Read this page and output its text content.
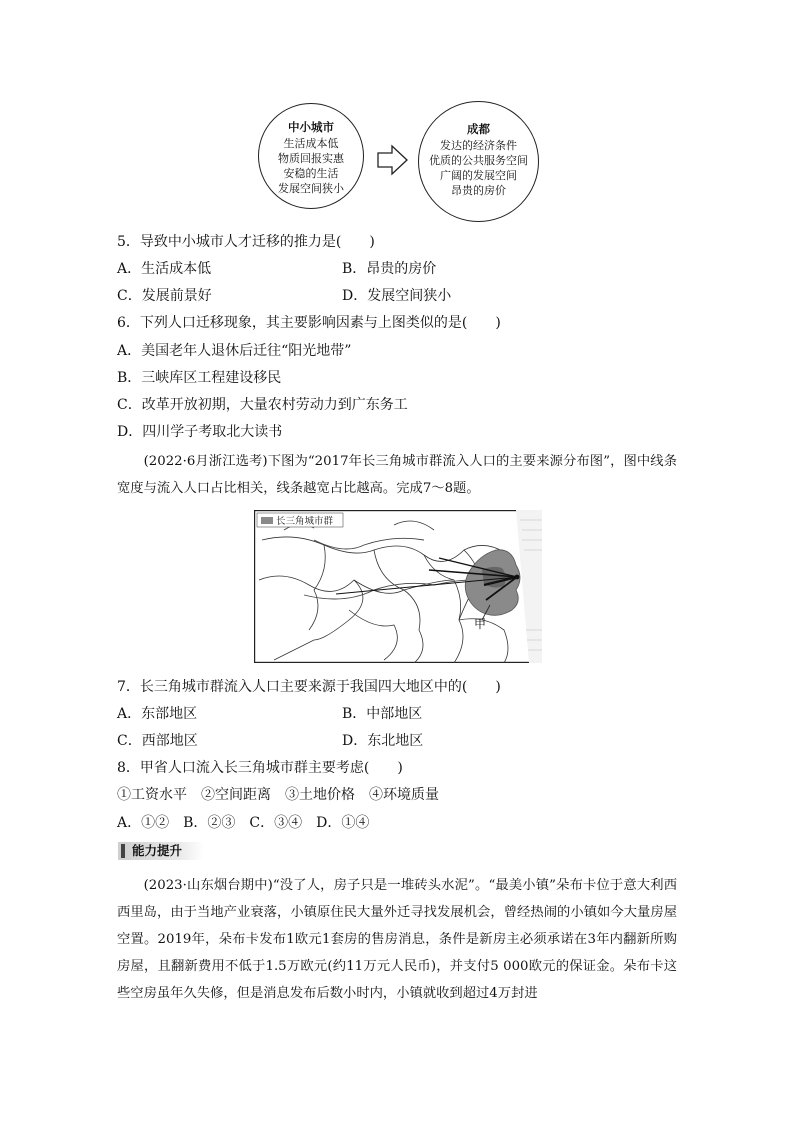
中小城市
生活成本低
物质回报实惠
安稳的生活
发展空间狭小
成都
发达的经济条件
优质的公共服务空间
广阔的发展空间
昂贵的房价
5．导致中小城市人才迁移的推力是(　　)
A．生活成本低	B．昂贵的房价
C．发展前景好	D．发展空间狭小
6．下列人口迁移现象，其主要影响因素与上图类似的是(　　)
A．美国老年人退休后迁往“阳光地带”
B．三峡库区工程建设移民
C．改革开放初期，大量农村劳动力到广东务工
D．四川学子考取北大读书

(2022·6月浙江选考)下图为“2017年长三角城市群流入人口的主要来源分布图”，图中线条宽度与流入人口占比相关，线条越宽占比越高。完成7～8题。

长三角城市群
甲
7．长三角城市群流入人口主要来源于我国四大地区中的(　　)
A．东部地区	B．中部地区
C．西部地区	D．东北地区
8．甲省人口流入长三角城市群主要考虑(　　)
①工资水平　②空间距离　③土地价格　④环境质量
A．①②　B．②③　C．③④　D．①④
能力提升

(2023·山东烟台期中)“没了人，房子只是一堆砖头水泥”。“最美小镇”朵布卡位于意大利西西里岛，由于当地产业衰落，小镇原住民大量外迁寻找发展机会，曾经热闹的小镇如今大量房屋空置。2019年，朵布卡发布1欧元1套房的售房消息，条件是新房主必须承诺在3年内翻新所购房屋，且翻新费用不低于1.5万欧元(约11万元人民币)，并支付5 000欧元的保证金。朵布卡这些空房虽年久失修，但是消息发布后数小时内，小镇就收到超过4万封进
